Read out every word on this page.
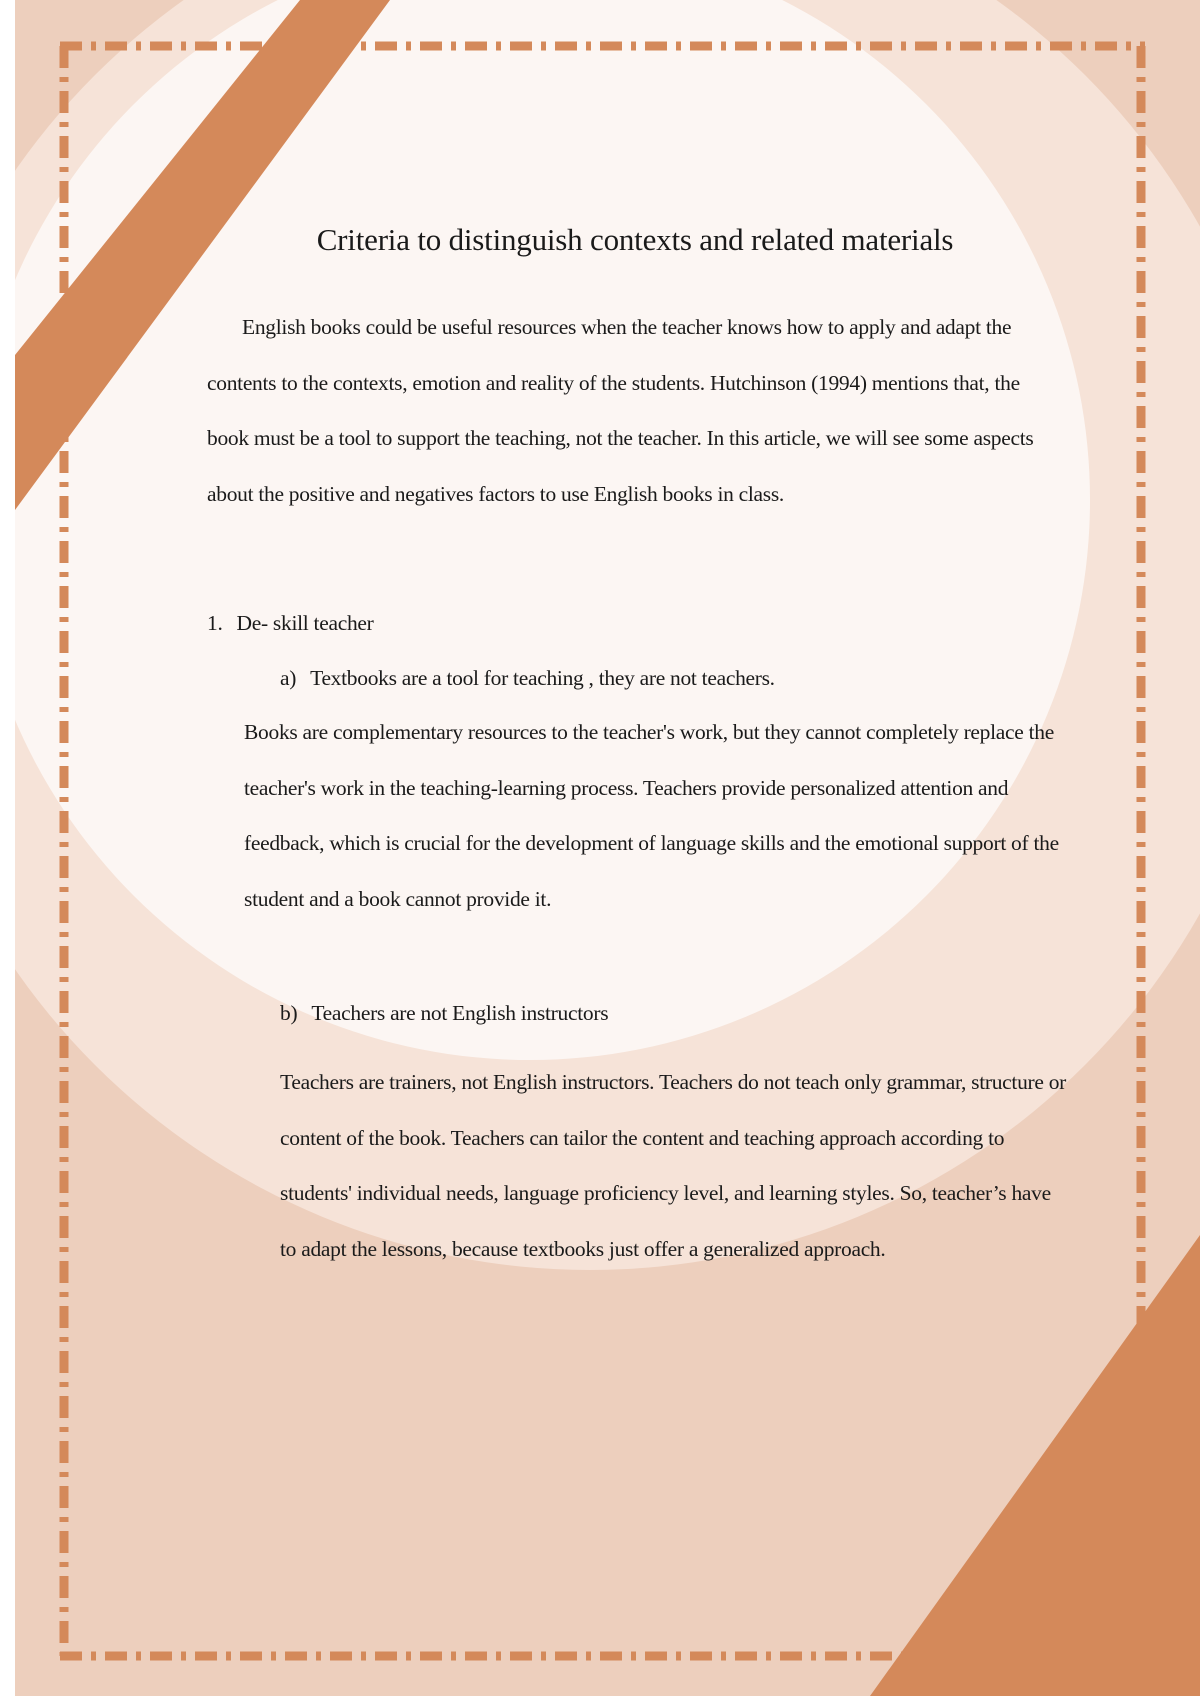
Criteria to distinguish contexts and related materials

English books could be useful resources when the teacher knows how to apply and adapt the contents to the contexts, emotion and reality of the students. Hutchinson (1994) mentions that, the book must be a tool to support the teaching, not the teacher. In this article, we will see some aspects about the positive and negatives factors to use English books in class.

1. De- skill teacher
a) Textbooks are a tool for teaching , they are not teachers.

Books are complementary resources to the teacher's work, but they cannot completely replace the teacher's work in the teaching-learning process. Teachers provide personalized attention and feedback, which is crucial for the development of language skills and the emotional support of the student and a book cannot provide it.

b) Teachers are not English instructors

Teachers are trainers, not English instructors. Teachers do not teach only grammar, structure or content of the book. Teachers can tailor the content and teaching approach according to students' individual needs, language proficiency level, and learning styles. So, teacher’s have to adapt the lessons, because textbooks just offer a generalized approach.
